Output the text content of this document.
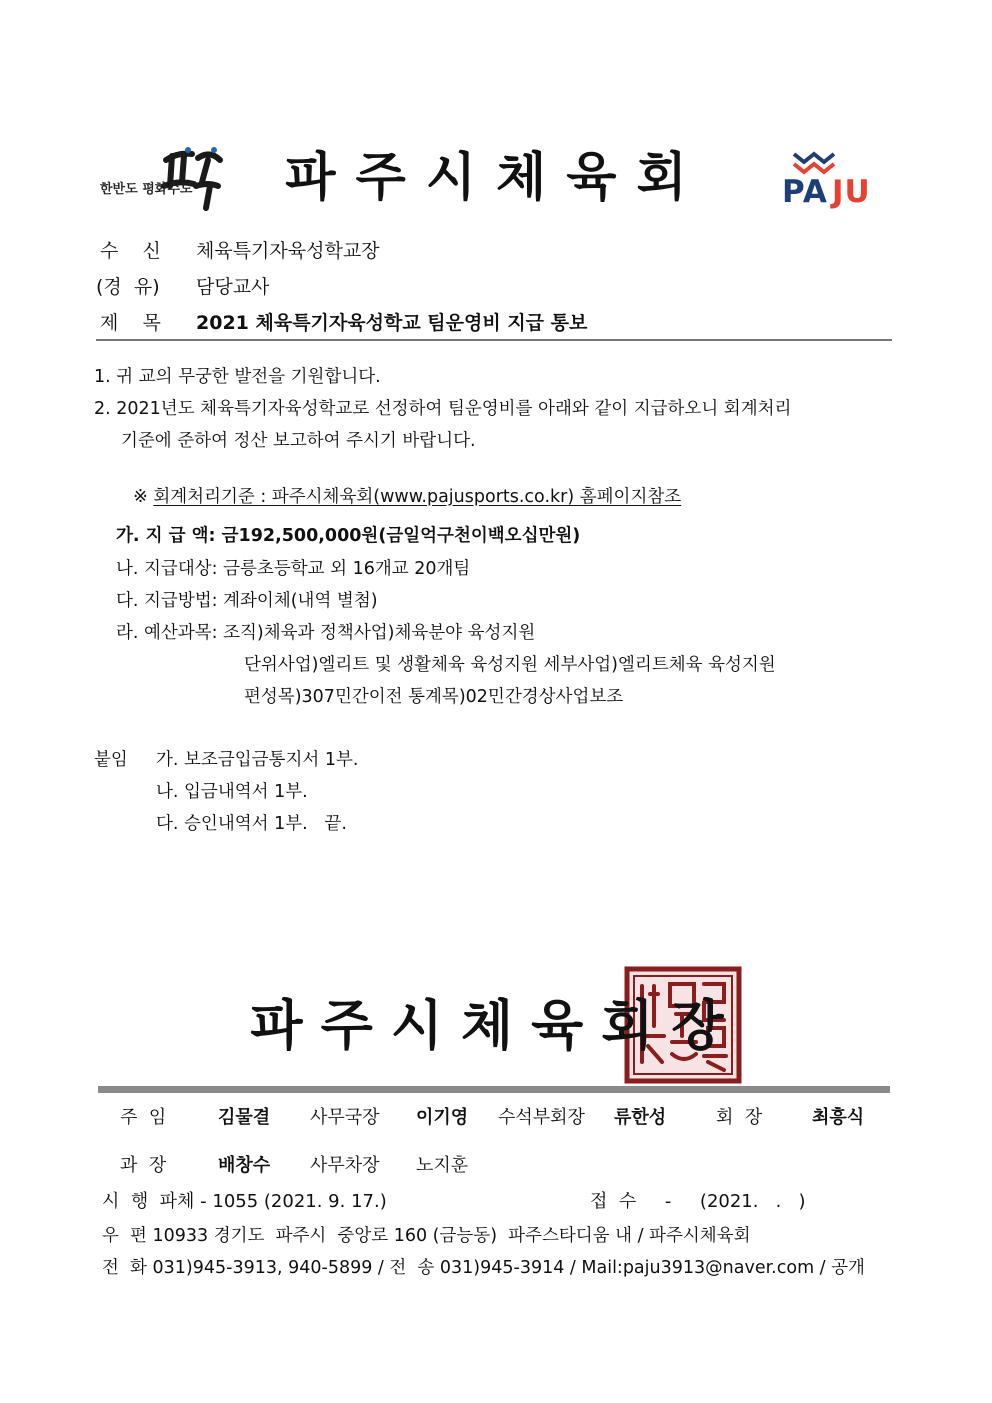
한반도 평화수도	파주시체육회	PA JU
수    신 체육특기자육성학교장
(경  유) 담당교사
제    목 2021 체육특기자육성학교 팀운영비 지급 통보
1. 귀 교의 무궁한 발전을 기원합니다.
2. 2021년도 체육특기자육성학교로 선정하여 팀운영비를 아래와 같이 지급하오니 회계처리
기준에 준하여 정산 보고하여 주시기 바랍니다.

※ 회계처리기준 : 파주시체육회(www.pajusports.co.kr) 홈페이지참조

가. 지 급 액: 금192,500,000원(금일억구천이백오십만원)
나. 지급대상: 금릉초등학교 외 16개교 20개팀
다. 지급방법: 계좌이체(내역 별첨)
라. 예산과목: 조직)체육과 정책사업)체육분야 육성지원
단위사업)엘리트 및 생활체육 육성지원 세부사업)엘리트체육 육성지원
편성목)307민간이전 통계목)02민간경상사업보조
붙임 가. 보조금입금통지서 1부.
나. 입금내역서 1부.
다. 승인내역서 1부.   끝.
파주시체육회장
주  임	김물결 사무국장 이기영 수석부회장 류한성	회  장	최흥식
과  장	배창수 사무차장 노지훈
시  행  파체 - 1055 (2021. 9. 17.)	접  수     -     (2021.   .   )
우  편 10933 경기도  파주시  중앙로 160 (금능동)  파주스타디움 내 / 파주시체육회
전  화 031)945-3913, 940-5899 / 전  송 031)945-3914 / Mail:paju3913@naver.com / 공개
